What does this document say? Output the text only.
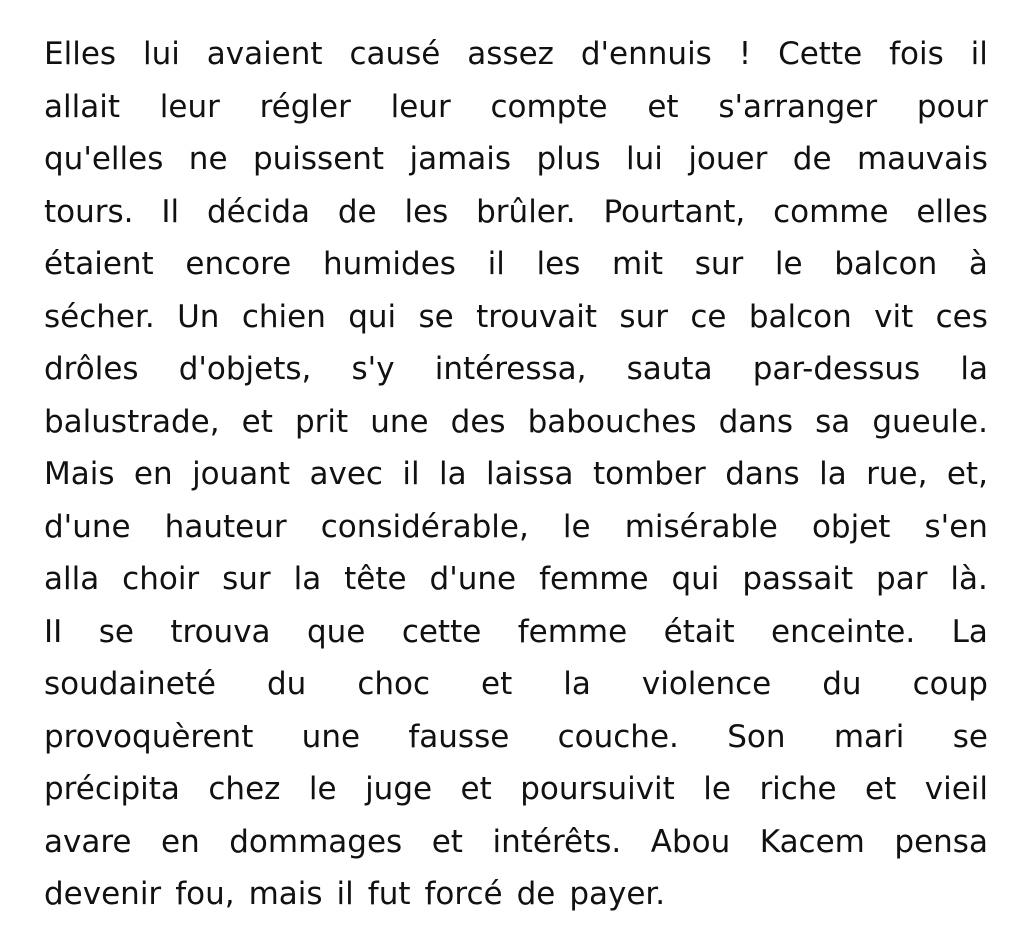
Elles lui avaient causé assez d'ennuis ! Cette fois il
allait leur régler leur compte et s'arranger pour
qu'elles ne puissent jamais plus lui jouer de mauvais
tours. Il décida de les brûler. Pourtant, comme elles
étaient encore humides il les mit sur le balcon à
sécher. Un chien qui se trouvait sur ce balcon vit ces
drôles d'objets, s'y intéressa, sauta par-dessus la
balustrade, et prit une des babouches dans sa gueule.
Mais en jouant avec il la laissa tomber dans la rue, et,
d'une hauteur considérable, le misérable objet s'en
alla choir sur la tête d'une femme qui passait par là.
II se trouva que cette femme était enceinte. La
soudaineté du choc et la violence du coup
provoquèrent une fausse couche. Son mari se
précipita chez le juge et poursuivit le riche et vieil
avare en dommages et intérêts. Abou Kacem pensa
devenir fou, mais il fut forcé de payer.
